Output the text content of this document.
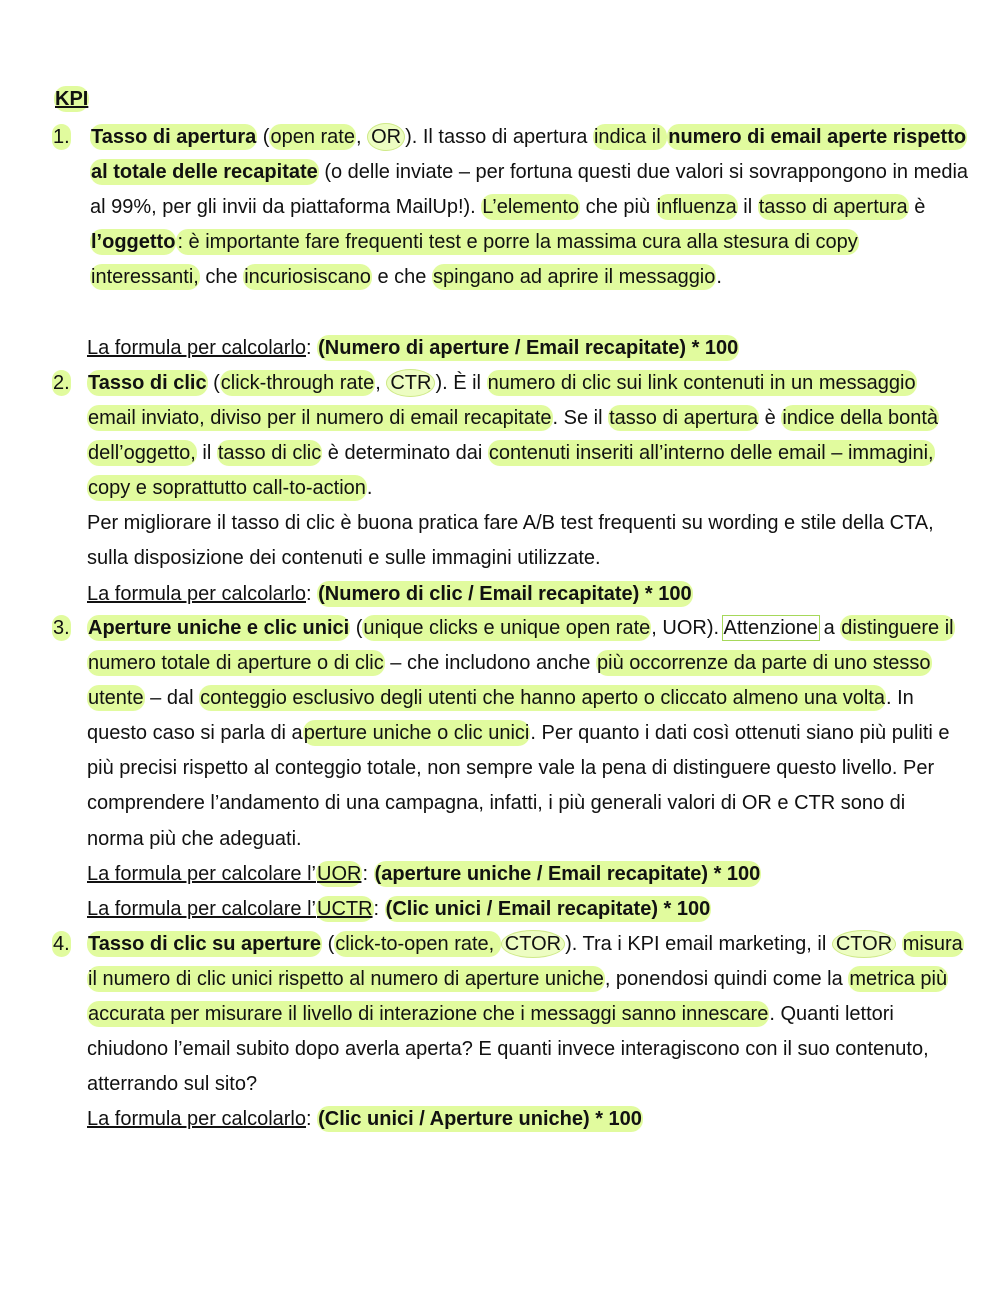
KPI
1. Tasso di apertura (open rate, OR ). Il tasso di apertura indica il numero di email aperte rispetto al totale delle recapitate (o delle inviate – per fortuna questi due valori si sovrappongono in media al 99%, per gli invii da piattaforma MailUp!). L’elemento che più influenza il tasso di apertura è l’oggetto : è importante fare frequenti test e porre la massima cura alla stesura di copy interessanti, che incuriosiscano e che spingano ad aprire il messaggio.
La formula per calcolarlo: (Numero di aperture / Email recapitate) * 100
2. Tasso di clic (click-through rate, CTR ). È il numero di clic sui link contenuti in un messaggio email inviato, diviso per il numero di email recapitate. Se il tasso di apertura è indice della bontà dell’oggetto, il tasso di clic è determinato dai contenuti inseriti all’interno delle email – immagini, copy e soprattutto call-to-action.
Per migliorare il tasso di clic è buona pratica fare A/B test frequenti su wording e stile della CTA, sulla disposizione dei contenuti e sulle immagini utilizzate.
La formula per calcolarlo: (Numero di clic / Email recapitate) * 100
3. Aperture uniche e clic unici (unique clicks e unique open rate, UOR). Attenzione a distinguere il numero totale di aperture o di clic – che includono anche più occorrenze da parte di uno stesso utente – dal conteggio esclusivo degli utenti che hanno aperto o cliccato almeno una volta. In questo caso si parla di aperture uniche o clic unici. Per quanto i dati così ottenuti siano più puliti e più precisi rispetto al conteggio totale, non sempre vale la pena di distinguere questo livello. Per comprendere l’andamento di una campagna, infatti, i più generali valori di OR e CTR sono di norma più che adeguati.
La formula per calcolare l’UOR: (aperture uniche / Email recapitate) * 100
La formula per calcolare l’UCTR: (Clic unici / Email recapitate) * 100
4. Tasso di clic su aperture (click-to-open rate, CTOR ). Tra i KPI email marketing, il CTOR misura il numero di clic unici rispetto al numero di aperture uniche, ponendosi quindi come la metrica più accurata per misurare il livello di interazione che i messaggi sanno innescare. Quanti lettori chiudono l’email subito dopo averla aperta? E quanti invece interagiscono con il suo contenuto, atterrando sul sito?
La formula per calcolarlo: (Clic unici / Aperture uniche) * 100
